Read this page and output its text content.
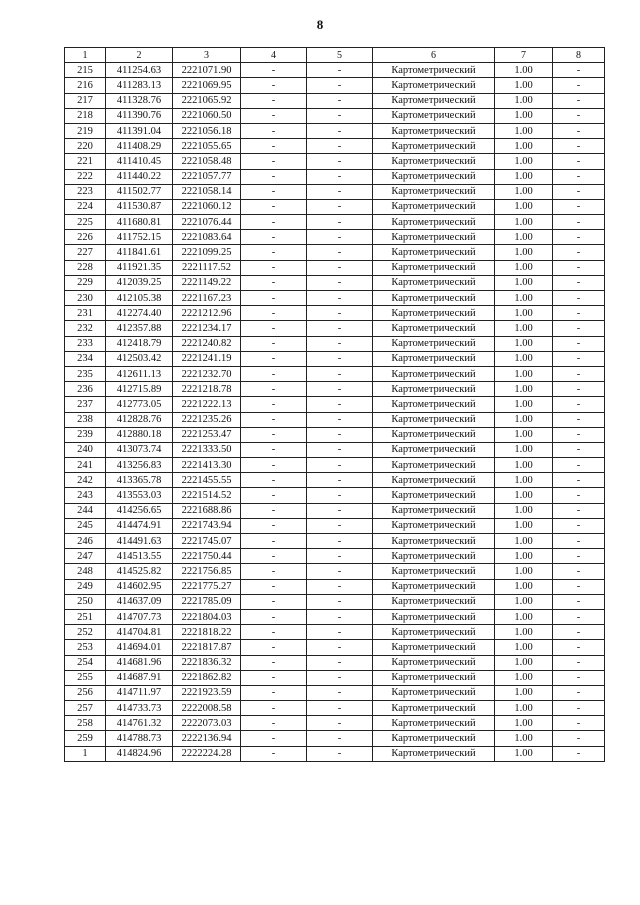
8
1	2	3	4	5	6	7	8
215	411254.63	2221071.90	-	-	Картометрический	1.00	-
216	411283.13	2221069.95	-	-	Картометрический	1.00	-
217	411328.76	2221065.92	-	-	Картометрический	1.00	-
218	411390.76	2221060.50	-	-	Картометрический	1.00	-
219	411391.04	2221056.18	-	-	Картометрический	1.00	-
220	411408.29	2221055.65	-	-	Картометрический	1.00	-
221	411410.45	2221058.48	-	-	Картометрический	1.00	-
222	411440.22	2221057.77	-	-	Картометрический	1.00	-
223	411502.77	2221058.14	-	-	Картометрический	1.00	-
224	411530.87	2221060.12	-	-	Картометрический	1.00	-
225	411680.81	2221076.44	-	-	Картометрический	1.00	-
226	411752.15	2221083.64	-	-	Картометрический	1.00	-
227	411841.61	2221099.25	-	-	Картометрический	1.00	-
228	411921.35	2221117.52	-	-	Картометрический	1.00	-
229	412039.25	2221149.22	-	-	Картометрический	1.00	-
230	412105.38	2221167.23	-	-	Картометрический	1.00	-
231	412274.40	2221212.96	-	-	Картометрический	1.00	-
232	412357.88	2221234.17	-	-	Картометрический	1.00	-
233	412418.79	2221240.82	-	-	Картометрический	1.00	-
234	412503.42	2221241.19	-	-	Картометрический	1.00	-
235	412611.13	2221232.70	-	-	Картометрический	1.00	-
236	412715.89	2221218.78	-	-	Картометрический	1.00	-
237	412773.05	2221222.13	-	-	Картометрический	1.00	-
238	412828.76	2221235.26	-	-	Картометрический	1.00	-
239	412880.18	2221253.47	-	-	Картометрический	1.00	-
240	413073.74	2221333.50	-	-	Картометрический	1.00	-
241	413256.83	2221413.30	-	-	Картометрический	1.00	-
242	413365.78	2221455.55	-	-	Картометрический	1.00	-
243	413553.03	2221514.52	-	-	Картометрический	1.00	-
244	414256.65	2221688.86	-	-	Картометрический	1.00	-
245	414474.91	2221743.94	-	-	Картометрический	1.00	-
246	414491.63	2221745.07	-	-	Картометрический	1.00	-
247	414513.55	2221750.44	-	-	Картометрический	1.00	-
248	414525.82	2221756.85	-	-	Картометрический	1.00	-
249	414602.95	2221775.27	-	-	Картометрический	1.00	-
250	414637.09	2221785.09	-	-	Картометрический	1.00	-
251	414707.73	2221804.03	-	-	Картометрический	1.00	-
252	414704.81	2221818.22	-	-	Картометрический	1.00	-
253	414694.01	2221817.87	-	-	Картометрический	1.00	-
254	414681.96	2221836.32	-	-	Картометрический	1.00	-
255	414687.91	2221862.82	-	-	Картометрический	1.00	-
256	414711.97	2221923.59	-	-	Картометрический	1.00	-
257	414733.73	2222008.58	-	-	Картометрический	1.00	-
258	414761.32	2222073.03	-	-	Картометрический	1.00	-
259	414788.73	2222136.94	-	-	Картометрический	1.00	-
1	414824.96	2222224.28	-	-	Картометрический	1.00	-
